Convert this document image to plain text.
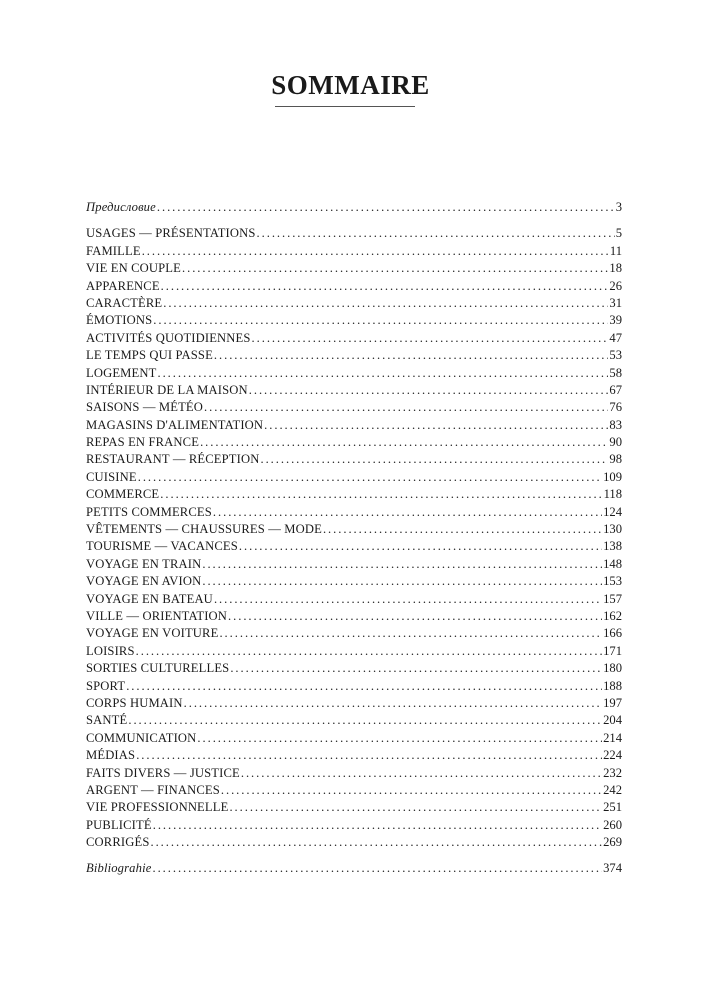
SOMMAIRE
Предисловие . . .	3
USAGES — PRÉSENTATIONS . . .	5
FAMILLE . . .	11
VIE EN COUPLE . . .	18
APPARENCE . . .	26
CARACTÈRE . . .	31
ÉMOTIONS . . .	39
ACTIVITÉS QUOTIDIENNES . . .	47
LE TEMPS QUI PASSE . . .	53
LOGEMENT . . .	58
INTÉRIEUR DE LA MAISON . . .	67
SAISONS — MÉTÉO . . .	76
MAGASINS D'ALIMENTATION . . .	83
REPAS EN FRANCE . . .	90
RESTAURANT — RÉCEPTION . . .	98
CUISINE . . .	109
COMMERCE . . .	118
PETITS COMMERCES . . .	124
VÊTEMENTS — CHAUSSURES — MODE . . .	130
TOURISME — VACANCES . . .	138
VOYAGE EN TRAIN . . .	148
VOYAGE EN AVION . . .	153
VOYAGE EN BATEAU . . .	157
VILLE — ORIENTATION . . .	162
VOYAGE EN VOITURE . . .	166
LOISIRS . . .	171
SORTIES CULTURELLES . . .	180
SPORT . . .	188
CORPS HUMAIN . . .	197
SANTÉ . . .	204
COMMUNICATION . . .	214
MÉDIAS . . .	224
FAITS DIVERS — JUSTICE . . .	232
ARGENT — FINANCES . . .	242
VIE PROFESSIONNELLE . . .	251
PUBLICITÉ . . .	260
CORRIGÉS . . .	269
Bibliograhie . . .	374
